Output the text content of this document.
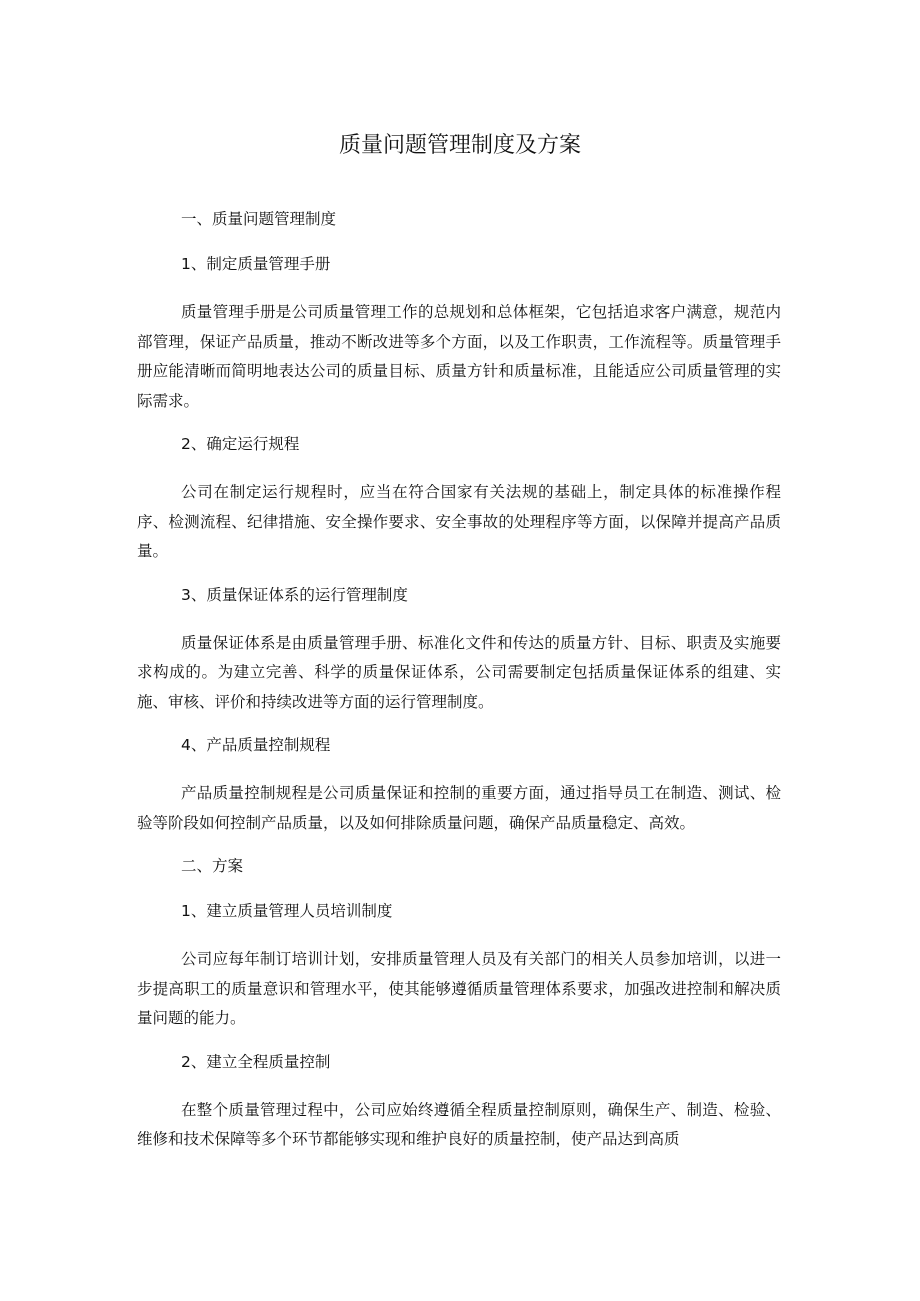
质量问题管理制度及方案
一、质量问题管理制度
1、制定质量管理手册
质量管理手册是公司质量管理工作的总规划和总体框架，它包括追求客户满意，规范内部管理，保证产品质量，推动不断改进等多个方面，以及工作职责，工作流程等。质量管理手册应能清晰而简明地表达公司的质量目标、质量方针和质量标准，且能适应公司质量管理的实际需求。
2、确定运行规程
公司在制定运行规程时，应当在符合国家有关法规的基础上，制定具体的标准操作程序、检测流程、纪律措施、安全操作要求、安全事故的处理程序等方面，以保障并提高产品质量。
3、质量保证体系的运行管理制度
质量保证体系是由质量管理手册、标准化文件和传达的质量方针、目标、职责及实施要求构成的。为建立完善、科学的质量保证体系，公司需要制定包括质量保证体系的组建、实施、审核、评价和持续改进等方面的运行管理制度。
4、产品质量控制规程
产品质量控制规程是公司质量保证和控制的重要方面，通过指导员工在制造、测试、检验等阶段如何控制产品质量，以及如何排除质量问题，确保产品质量稳定、高效。
二、方案
1、建立质量管理人员培训制度
公司应每年制订培训计划，安排质量管理人员及有关部门的相关人员参加培训，以进一步提高职工的质量意识和管理水平，使其能够遵循质量管理体系要求，加强改进控制和解决质量问题的能力。
2、建立全程质量控制
在整个质量管理过程中，公司应始终遵循全程质量控制原则，确保生产、制造、检验、维修和技术保障等多个环节都能够实现和维护良好的质量控制，使产品达到高质
